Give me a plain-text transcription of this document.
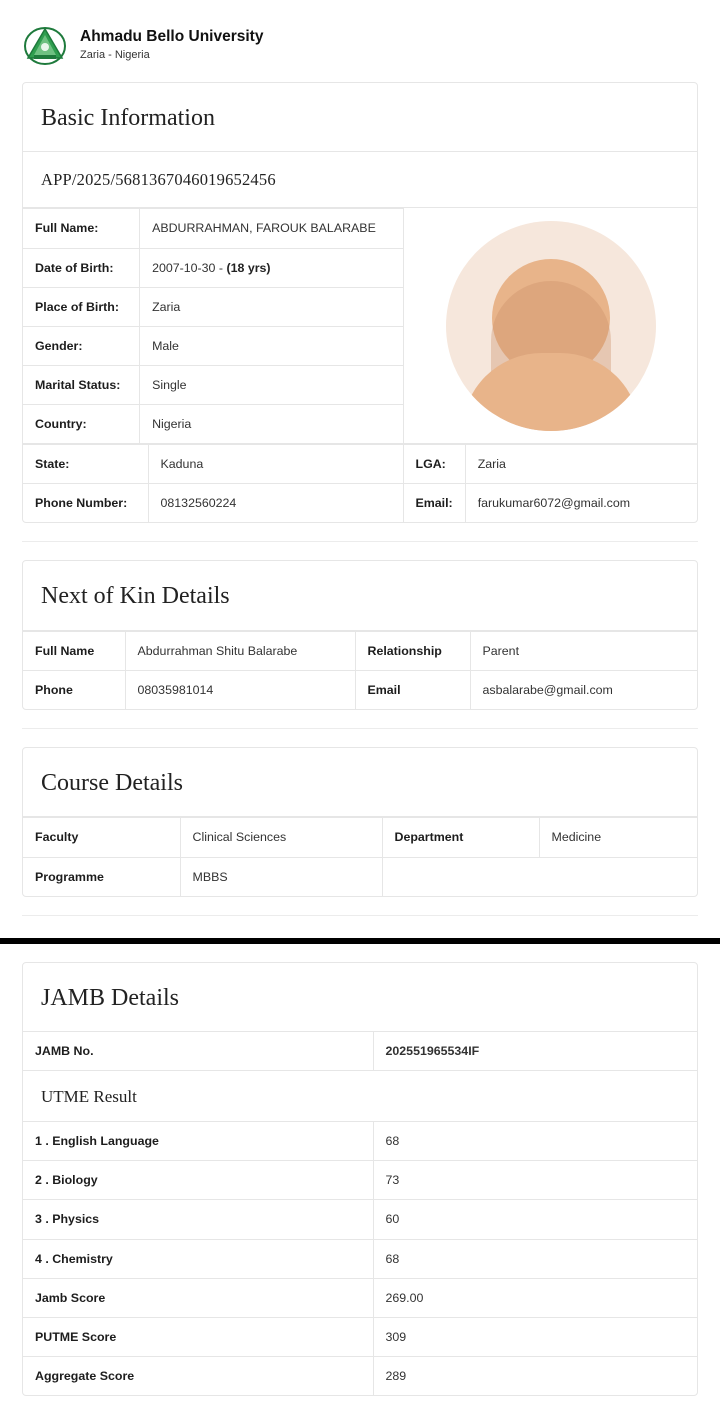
Ahmadu Bello University
Zaria - Nigeria
Basic Information
APP/2025/5681367046019652456
Full Name:	ABDURRAHMAN, FAROUK BALARABE
Date of Birth:	2007-10-30 - (18 yrs)
Place of Birth:	Zaria
Gender:	Male
Marital Status:	Single
Country:	Nigeria
State:	Kaduna	LGA:	Zaria
Phone Number:	08132560224	Email:	farukumar6072@gmail.com
Next of Kin Details
Full Name	Abdurrahman Shitu Balarabe	Relationship	Parent
Phone	08035981014	Email	asbalarabe@gmail.com
Course Details
Faculty	Clinical Sciences	Department	Medicine
Programme	MBBS		
JAMB Details
JAMB No.	202551965534IF
UTME Result
1 . English Language	68
2 . Biology	73
3 . Physics	60
4 . Chemistry	68
Jamb Score	269.00
PUTME Score	309
Aggregate Score	289
